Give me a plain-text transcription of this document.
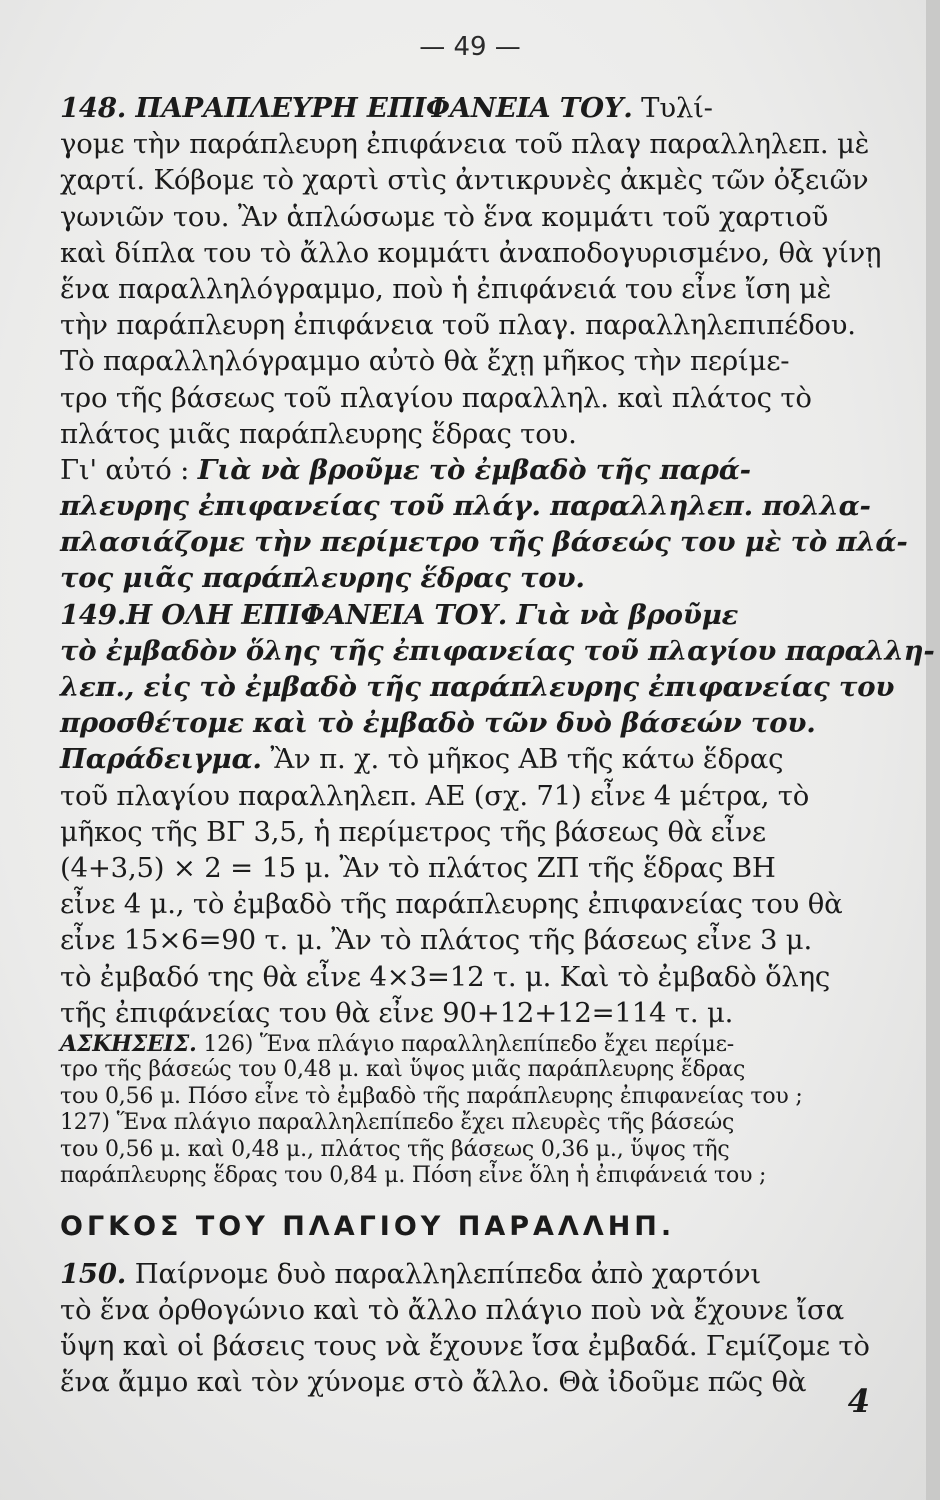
— 49 —
148. ΠΑΡΑΠΛΕΥΡΗ ΕΠΙΦΑΝΕΙΑ ΤΟΥ. Τυλί-
γομε τὴν παράπλευρη ἐπιφάνεια τοῦ πλαγ παραλληλεπ. μὲ
χαρτί. Κόβομε τὸ χαρτὶ στὶς ἀντικρυνὲς ἀκμὲς τῶν ὀξειῶν
γωνιῶν του. Ἂν ἁπλώσωμε τὸ ἕνα κομμάτι τοῦ χαρτιοῦ
καὶ δίπλα του τὸ ἄλλο κομμάτι ἀναποδογυρισμένο, θὰ γίνῃ
ἕνα παραλληλόγραμμο, ποὺ ἡ ἐπιφάνειά του εἶνε ἴση μὲ
τὴν παράπλευρη ἐπιφάνεια τοῦ πλαγ. παραλληλεπιπέδου.
Τὸ παραλληλόγραμμο αὐτὸ θὰ ἔχῃ μῆκος τὴν περίμε-
τρο τῆς βάσεως τοῦ πλαγίου παραλληλ. καὶ πλάτος τὸ
πλάτος μιᾶς παράπλευρης ἕδρας του.
Γι' αὐτό : Γιὰ νὰ βροῦμε τὸ ἐμβαδὸ τῆς παρά-
πλευρης ἐπιφανείας τοῦ πλάγ. παραλληλεπ. πολλα-
πλασιάζομε τὴν περίμετρο τῆς βάσεώς του μὲ τὸ πλά-
τος μιᾶς παράπλευρης ἕδρας του.
149.Η ΟΛΗ ΕΠΙΦΑΝΕΙΑ ΤΟΥ. Γιὰ νὰ βροῦμε
τὸ ἐμβαδὸν ὅλης τῆς ἐπιφανείας τοῦ πλαγίου παραλλη-
λεπ., εἰς τὸ ἐμβαδὸ τῆς παράπλευρης ἐπιφανείας του
προσθέτομε καὶ τὸ ἐμβαδὸ τῶν δυὸ βάσεών του.
Παράδειγμα. Ἂν π. χ. τὸ μῆκος ΑΒ τῆς κάτω ἕδρας
τοῦ πλαγίου παραλληλεπ. ΑΕ (σχ. 71) εἶνε 4 μέτρα, τὸ
μῆκος τῆς ΒΓ 3,5, ἡ περίμετρος τῆς βάσεως θὰ εἶνε
(4+3,5) × 2 = 15 μ. Ἂν τὸ πλάτος ΖΠ τῆς ἕδρας ΒΗ
εἶνε 4 μ., τὸ ἐμβαδὸ τῆς παράπλευρης ἐπιφανείας του θὰ
εἶνε 15×6=90 τ. μ. Ἂν τὸ πλάτος τῆς βάσεως εἶνε 3 μ.
τὸ ἐμβαδό της θὰ εἶνε 4×3=12 τ. μ. Καὶ τὸ ἐμβαδὸ ὅλης
τῆς ἐπιφάνείας του θὰ εἶνε 90+12+12=114 τ. μ.
ΑΣΚΗΣΕΙΣ. 126) Ἕνα πλάγιο παραλληλεπίπεδο ἔχει περίμε-
τρο τῆς βάσεώς του 0,48 μ. καὶ ὕψος μιᾶς παράπλευρης ἕδρας
του 0,56 μ. Πόσο εἶνε τὸ ἐμβαδὸ τῆς παράπλευρης ἐπιφανείας του ;
127) Ἕνα πλάγιο παραλληλεπίπεδο ἔχει πλευρὲς τῆς βάσεώς
του 0,56 μ. καὶ 0,48 μ., πλάτος τῆς βάσεως 0,36 μ., ὕψος τῆς
παράπλευρης ἕδρας του 0,84 μ. Πόση εἶνε ὅλη ἡ ἐπιφάνειά του ;
ΟΓΚΟΣ ΤΟΥ ΠΛΑΓΙΟΥ ΠΑΡΑΛΛΗΠ.
150. Παίρνομε δυὸ παραλληλεπίπεδα ἀπὸ χαρτόνι
τὸ ἕνα ὀρθογώνιο καὶ τὸ ἄλλο πλάγιο ποὺ νὰ ἔχουνε ἴσα
ὕψη καὶ οἱ βάσεις τους νὰ ἔχουνε ἴσα ἐμβαδά. Γεμίζομε τὸ
ἕνα ἄμμο καὶ τὸν χύνομε στὸ ἄλλο. Θὰ ἰδοῦμε πῶς θὰ	4
